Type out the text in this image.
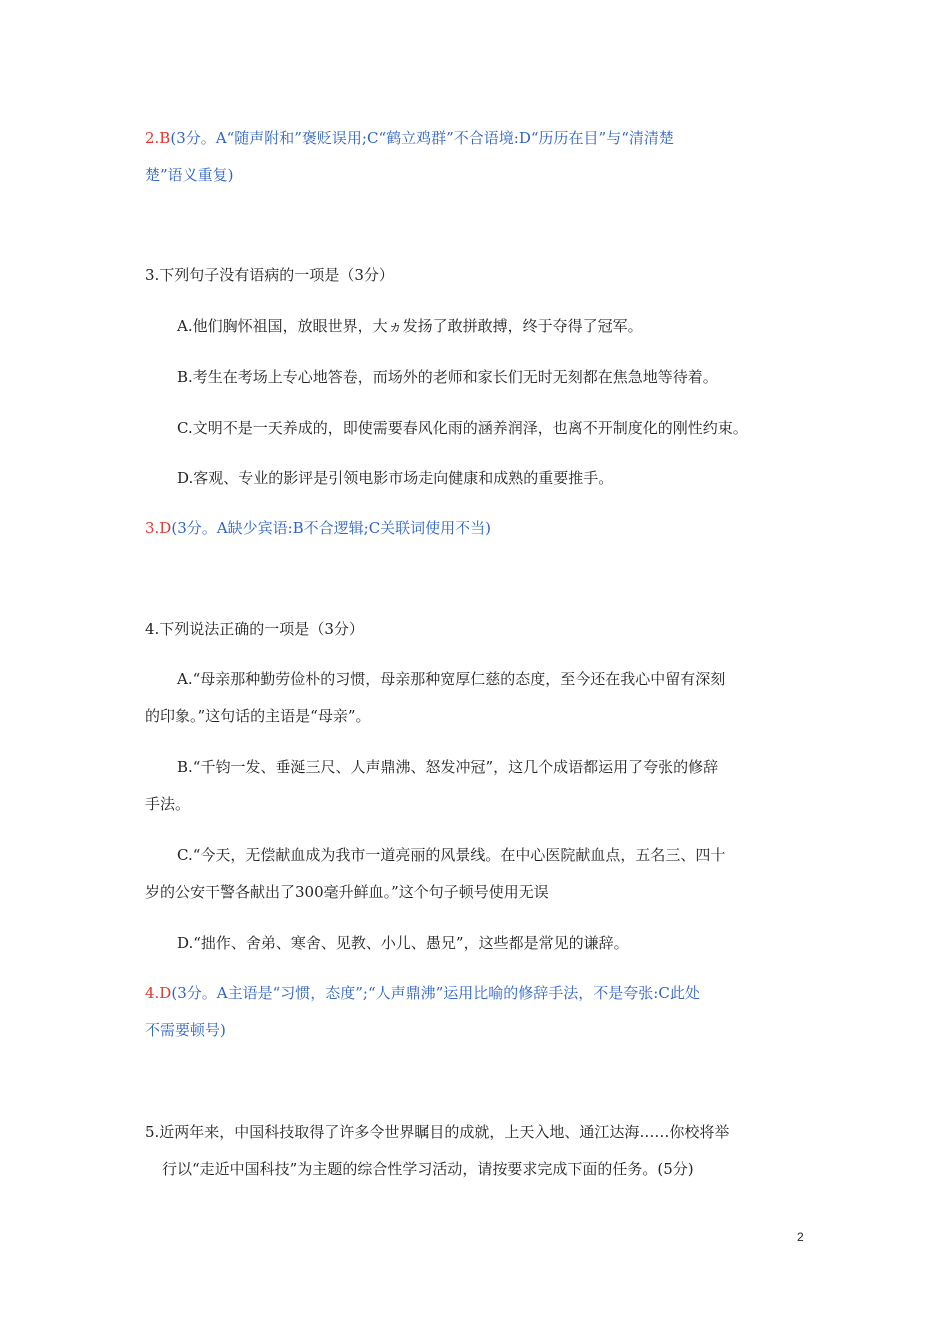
2.B(3分。A“随声附和”褒贬误用;C“鹤立鸡群”不合语境:D“历历在目”与“清清楚
楚”语义重复)
3.下列句子没有语病的一项是（3分）
A.他们胸怀祖国，放眼世界，大ヵ发扬了敢拼敢搏，终于夺得了冠军。
B.考生在考场上专心地答卷，而场外的老师和家长们无时无刻都在焦急地等待着。
C.文明不是一天养成的，即使需要春风化雨的涵养润泽，也离不开制度化的刚性约束。
D.客观、专业的影评是引领电影市场走向健康和成熟的重要推手。
3.D(3分。A缺少宾语:B不合逻辑;C关联词使用不当)
4.下列说法正确的一项是（3分）
A.“母亲那种勤劳俭朴的习惯，母亲那种宽厚仁慈的态度，至今还在我心中留有深刻
的印象。”这句话的主语是“母亲”。
B.“千钧一发、垂涎三尺、人声鼎沸、怒发冲冠”，这几个成语都运用了夸张的修辞
手法。
C.“今天，无偿献血成为我市一道亮丽的风景线。在中心医院献血点，五名三、四十
岁的公安干警各献出了300毫升鲜血。”这个句子顿号使用无误
D.“拙作、舍弟、寒舍、见教、小儿、愚兄”，这些都是常见的谦辞。
4.D(3分。A主语是“习惯，态度”;“人声鼎沸”运用比喻的修辞手法，不是夸张:C此处
不需要顿号)
5.近两年来，中国科技取得了许多令世界瞩目的成就，上天入地、通江达海……你校将举
行以“走近中国科技”为主题的综合性学习活动，请按要求完成下面的任务。(5分)
2
